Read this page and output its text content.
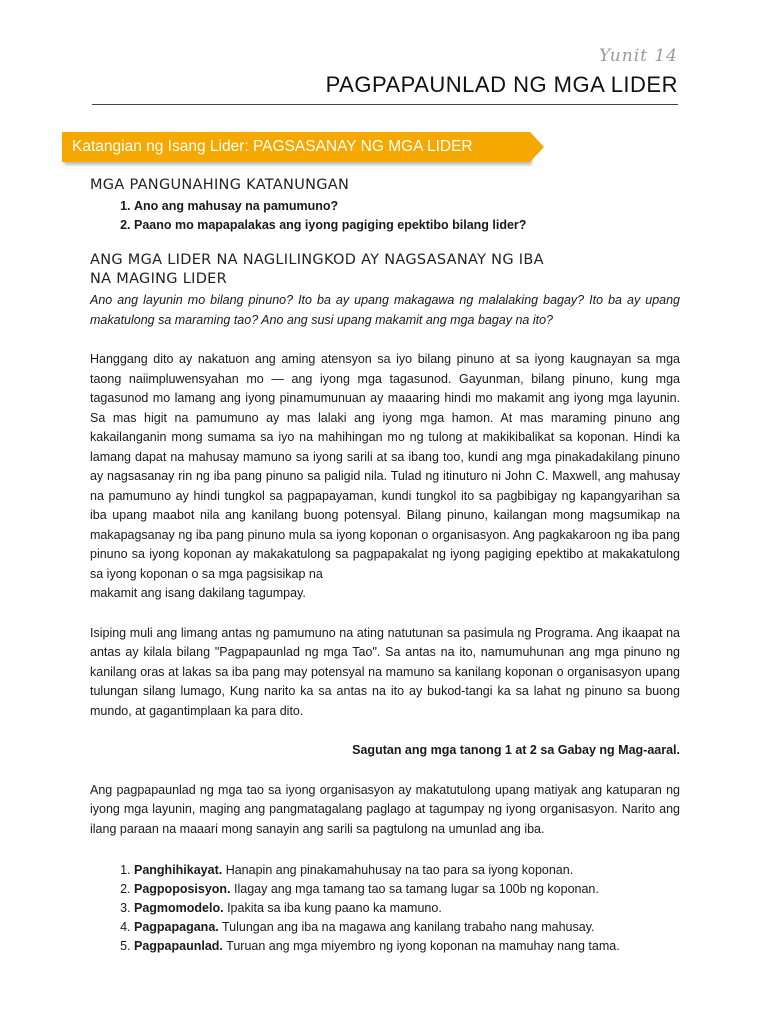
Yunit 14
PAGPAPAUNLAD NG MGA LIDER
Katangian ng Isang Lider: PAGSASANAY NG MGA LIDER
MGA PANGUNAHING KATANUNGAN
1. Ano ang mahusay na pamumuno?
2. Paano mo mapapalakas ang iyong pagiging epektibo bilang lider?
ANG MGA LIDER NA NAGLILINGKOD AY NAGSASANAY NG IBA
NA MAGING LIDER

Ano ang layunin mo bilang pinuno? Ito ba ay upang makagawa ng malalaking bagay? Ito ba ay upang makatulong sa maraming tao? Ano ang susi upang makamit ang mga bagay na ito?

Hanggang dito ay nakatuon ang aming atensyon sa iyo bilang pinuno at sa iyong kaugnayan sa mga taong naiimpluwensyahan mo — ang iyong mga tagasunod. Gayunman, bilang pinuno, kung mga tagasunod mo lamang ang iyong pinamumunuan ay maaaring hindi mo makamit ang iyong mga layunin. Sa mas higit na pamumuno ay mas lalaki ang iyong mga hamon. At mas maraming pinuno ang kakailanganin mong sumama sa iyo na mahihingan mo ng tulong at makikibalikat sa koponan. Hindi ka lamang dapat na mahusay mamuno sa iyong sarili at sa ibang too, kundi ang mga pinakadakilang pinuno ay nagsasanay rin ng iba pang pinuno sa paligid nila. Tulad ng itinuturo ni John C. Maxwell, ang mahusay na pamumuno ay hindi tungkol sa pagpapayaman, kundi tungkol ito sa pagbibigay ng kapangyarihan sa iba upang maabot nila ang kanilang buong potensyal. Bilang pinuno, kailangan mong magsumikap na makapagsanay ng iba pang pinuno mula sa iyong koponan o organisasyon. Ang pagkakaroon ng iba pang pinuno sa iyong koponan ay makakatulong sa pagpapakalat ng iyong pagiging epektibo at makakatulong sa iyong koponan o sa mga pagsisikap na
makamit ang isang dakilang tagumpay.

Isiping muli ang limang antas ng pamumuno na ating natutunan sa pasimula ng Programa. Ang ikaapat na antas ay kilala bilang "Pagpapaunlad ng mga Tao". Sa antas na ito, namumuhunan ang mga pinuno ng kanilang oras at lakas sa iba pang may potensyal na mamuno sa kanilang koponan o organisasyon upang tulungan silang lumago, Kung narito ka sa antas na ito ay bukod-tangi ka sa lahat ng pinuno sa buong mundo, at gagantimplaan ka para dito.

Sagutan ang mga tanong 1 at 2 sa Gabay ng Mag-aaral.

Ang pagpapaunlad ng mga tao sa iyong organisasyon ay makatutulong upang matiyak ang katuparan ng iyong mga layunin, maging ang pangmatagalang paglago at tagumpay ng iyong organisasyon. Narito ang ilang paraan na maaari mong sanayin ang sarili sa pagtulong na umunlad ang iba.

1. Panghihikayat. Hanapin ang pinakamahuhusay na tao para sa iyong koponan.
2. Pagpoposisyon. Ilagay ang mga tamang tao sa tamang lugar sa 100b ng koponan.
3. Pagmomodelo. Ipakita sa iba kung paano ka mamuno.
4. Pagpapagana. Tulungan ang iba na magawa ang kanilang trabaho nang mahusay.
5. Pagpapaunlad. Turuan ang mga miyembro ng iyong koponan na mamuhay nang tama.
